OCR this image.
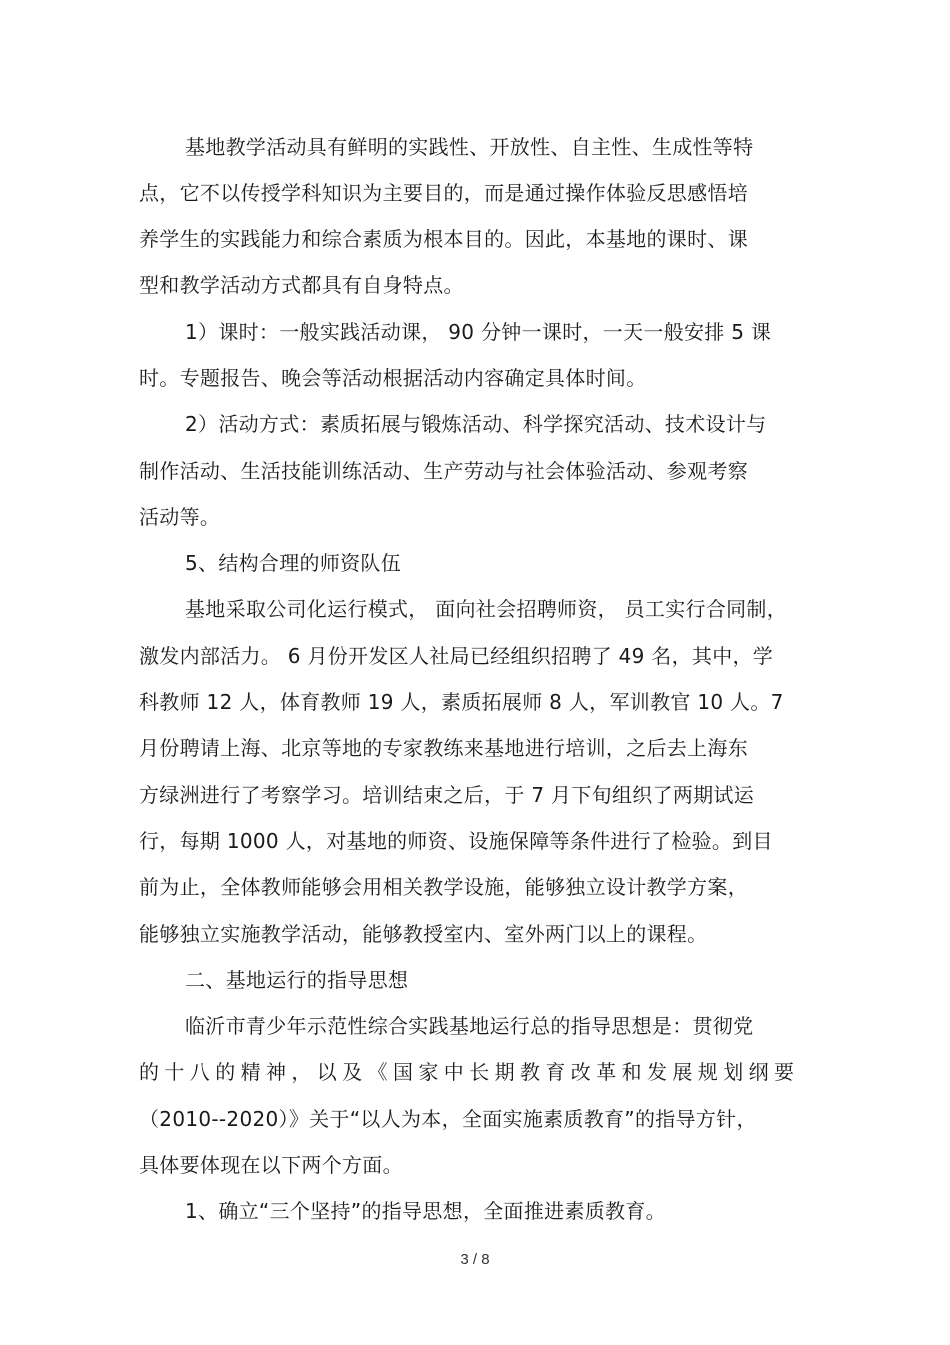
基地教学活动具有鲜明的实践性、开放性、自主性、生成性等特
点，它不以传授学科知识为主要目的，而是通过操作体验反思感悟培
养学生的实践能力和综合素质为根本目的。因此，本基地的课时、课
型和教学活动方式都具有自身特点。
1）课时：一般实践活动课， 90 分钟一课时，一天一般安排 5 课
时。专题报告、晚会等活动根据活动内容确定具体时间。
2）活动方式：素质拓展与锻炼活动、科学探究活动、技术设计与
制作活动、生活技能训练活动、生产劳动与社会体验活动、参观考察
活动等。
5、结构合理的师资队伍
基地采取公司化运行模式， 面向社会招聘师资， 员工实行合同制，
激发内部活力。 6 月份开发区人社局已经组织招聘了 49 名，其中，学
科教师 12 人，体育教师 19 人，素质拓展师 8 人，军训教官 10 人。7
月份聘请上海、北京等地的专家教练来基地进行培训，之后去上海东
方绿洲进行了考察学习。培训结束之后，于 7 月下旬组织了两期试运
行，每期 1000 人，对基地的师资、设施保障等条件进行了检验。到目
前为止，全体教师能够会用相关教学设施，能够独立设计教学方案，
能够独立实施教学活动，能够教授室内、室外两门以上的课程。
二、基地运行的指导思想
临沂市青少年示范性综合实践基地运行总的指导思想是：贯彻党
的十八的精神，以及《国家中长期教育改革和发展规划纲要
（2010--2020）》关于“以人为本，全面实施素质教育”的指导方针，
具体要体现在以下两个方面。
1、确立“三个坚持”的指导思想，全面推进素质教育。
3 / 8
